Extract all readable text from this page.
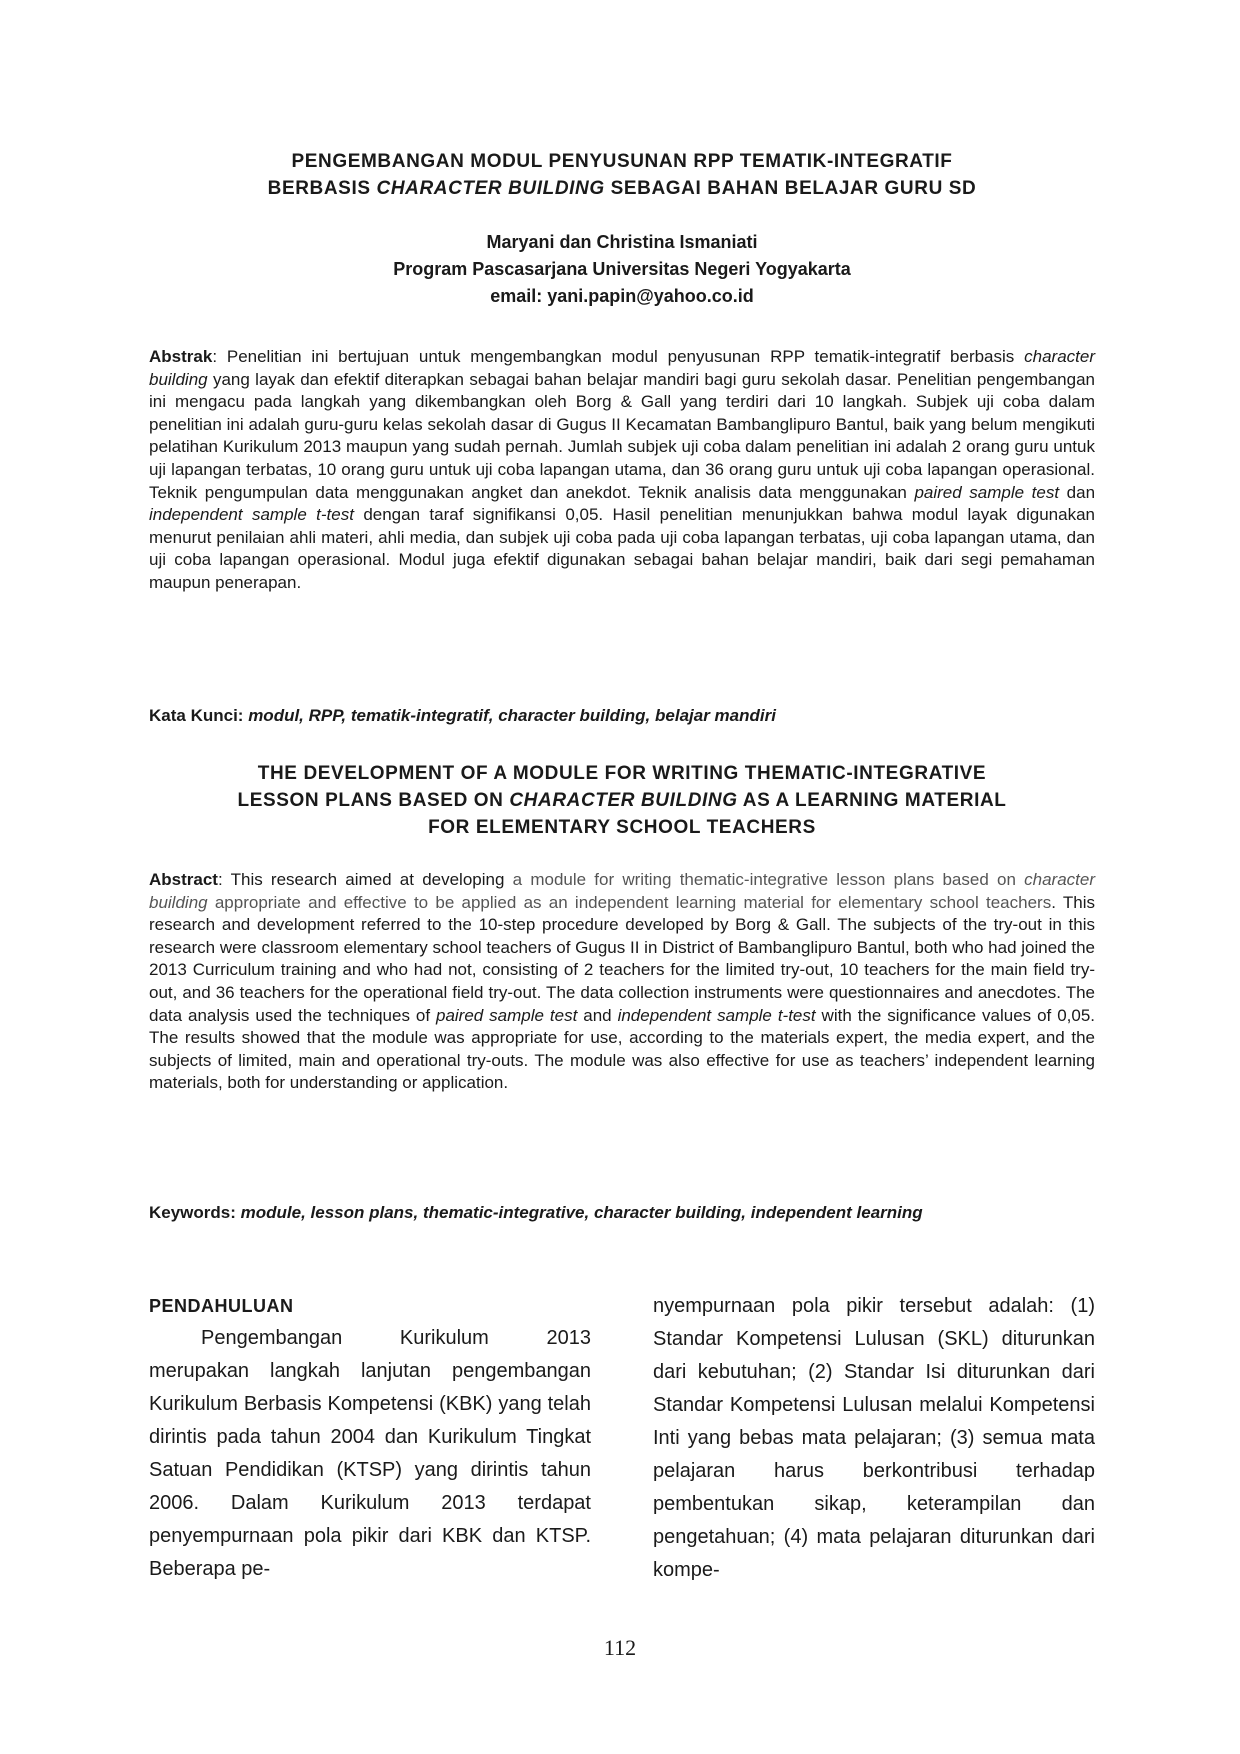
PENGEMBANGAN MODUL PENYUSUNAN RPP TEMATIK-INTEGRATIF
BERBASIS CHARACTER BUILDING SEBAGAI BAHAN BELAJAR GURU SD

Maryani dan Christina Ismaniati

Program Pascasarjana Universitas Negeri Yogyakarta

email: yani.papin@yahoo.co.id

Abstrak: Penelitian ini bertujuan untuk mengembangkan modul penyusunan RPP tematik-integratif berbasis character building yang layak dan efektif diterapkan sebagai bahan belajar mandiri bagi guru sekolah dasar. Penelitian pengembangan ini mengacu pada langkah yang dikembangkan oleh Borg & Gall yang terdiri dari 10 langkah. Subjek uji coba dalam penelitian ini adalah guru-guru kelas sekolah dasar di Gugus II Kecamatan Bambanglipuro Bantul, baik yang belum mengikuti pelatihan Kurikulum 2013 maupun yang sudah pernah. Jumlah subjek uji coba dalam penelitian ini adalah 2 orang guru untuk uji lapangan terbatas, 10 orang guru untuk uji coba lapangan utama, dan 36 orang guru untuk uji coba lapangan operasional. Teknik pengumpulan data menggunakan angket dan anekdot. Teknik analisis data menggunakan paired sample test dan independent sample t-test dengan taraf signifikansi 0,05. Hasil penelitian menunjukkan bahwa modul layak digunakan menurut penilaian ahli materi, ahli media, dan subjek uji coba pada uji coba lapangan terbatas, uji coba lapangan utama, dan uji coba lapangan operasional. Modul juga efektif digunakan sebagai bahan belajar mandiri, baik dari segi pemahaman maupun penerapan.

Kata Kunci: modul, RPP, tematik-integratif, character building, belajar mandiri

THE DEVELOPMENT OF A MODULE FOR WRITING THEMATIC-INTEGRATIVE
LESSON PLANS BASED ON CHARACTER BUILDING AS A LEARNING MATERIAL
FOR ELEMENTARY SCHOOL TEACHERS

Abstract: This research aimed at developing a module for writing thematic-integrative lesson plans based on character building appropriate and effective to be applied as an independent learning material for elementary school teachers. This research and development referred to the 10-step procedure developed by Borg & Gall. The subjects of the try-out in this research were classroom elementary school teachers of Gugus II in District of Bambanglipuro Bantul, both who had joined the 2013 Curriculum training and who had not, consisting of 2 teachers for the limited try-out, 10 teachers for the main field try-out, and 36 teachers for the operational field try-out. The data collection instruments were questionnaires and anecdotes. The data analysis used the techniques of paired sample test and independent sample t-test with the significance values of 0,05. The results showed that the module was appropriate for use, according to the materials expert, the media expert, and the subjects of limited, main and operational try-outs. The module was also effective for use as teachers’ independent learning materials, both for understanding or application.

Keywords: module, lesson plans, thematic-integrative, character building, independent learning

PENDAHULUAN

Pengembangan Kurikulum 2013 merupakan langkah lanjutan pengembangan Kurikulum Berbasis Kompetensi (KBK) yang telah dirintis pada tahun 2004 dan Kurikulum Tingkat Satuan Pendidikan (KTSP) yang dirintis tahun 2006. Dalam Kurikulum 2013 terdapat penyempurnaan pola pikir dari KBK dan KTSP. Beberapa pe-

nyempurnaan pola pikir tersebut adalah: (1) Standar Kompetensi Lulusan (SKL) diturunkan dari kebutuhan; (2) Standar Isi diturunkan dari Standar Kompetensi Lulusan melalui Kompetensi Inti yang bebas mata pelajaran; (3) semua mata pelajaran harus berkontribusi terhadap pembentukan sikap, keterampilan dan pengetahuan; (4) mata pelajaran diturunkan dari kompe-

112
